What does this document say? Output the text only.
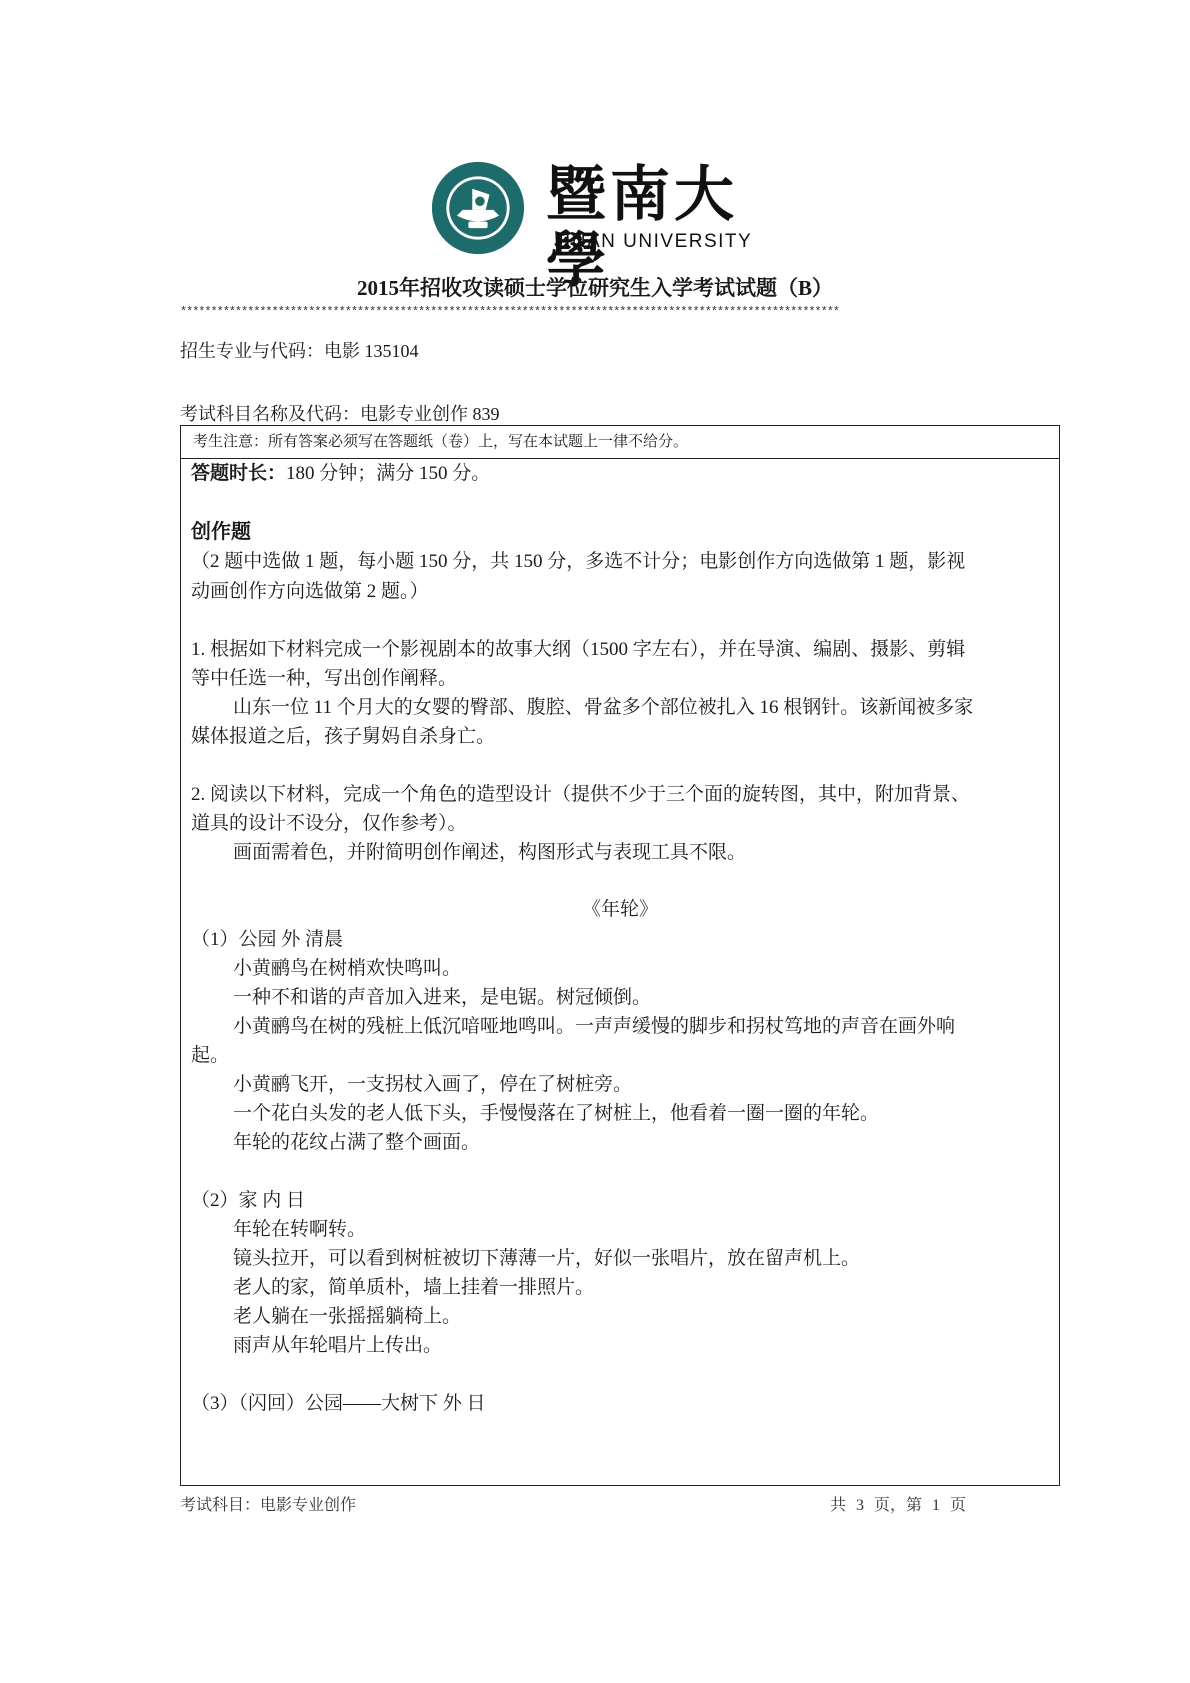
暨南大學
JINAN UNIVERSITY
2015年招收攻读硕士学位研究生入学考试试题（B）
************************************************************************************************************
招生专业与代码：电影 135104
考试科目名称及代码：电影专业创作 839
考生注意：所有答案必须写在答题纸（卷）上，写在本试题上一律不给分。
答题时长：180 分钟；满分 150 分。
创作题
（2 题中选做 1 题，每小题 150 分，共 150 分，多选不计分；电影创作方向选做第 1 题，影视
动画创作方向选做第 2 题。）
1. 根据如下材料完成一个影视剧本的故事大纲（1500 字左右），并在导演、编剧、摄影、剪辑
等中任选一种，写出创作阐释。
山东一位 11 个月大的女婴的臀部、腹腔、骨盆多个部位被扎入 16 根钢针。该新闻被多家
媒体报道之后，孩子舅妈自杀身亡。
2. 阅读以下材料，完成一个角色的造型设计（提供不少于三个面的旋转图，其中，附加背景、
道具的设计不设分，仅作参考）。
画面需着色，并附简明创作阐述，构图形式与表现工具不限。
《年轮》
（1）公园 外 清晨
小黄鹂鸟在树梢欢快鸣叫。
一种不和谐的声音加入进来，是电锯。树冠倾倒。
小黄鹂鸟在树的残桩上低沉喑哑地鸣叫。一声声缓慢的脚步和拐杖笃地的声音在画外响
起。
小黄鹂飞开，一支拐杖入画了，停在了树桩旁。
一个花白头发的老人低下头，手慢慢落在了树桩上，他看着一圈一圈的年轮。
年轮的花纹占满了整个画面。
（2）家 内 日
年轮在转啊转。
镜头拉开，可以看到树桩被切下薄薄一片，好似一张唱片，放在留声机上。
老人的家，简单质朴，墙上挂着一排照片。
老人躺在一张摇摇躺椅上。
雨声从年轮唱片上传出。
（3）（闪回）公园——大树下 外 日
考试科目：电影专业创作	共 3 页，第 1 页
